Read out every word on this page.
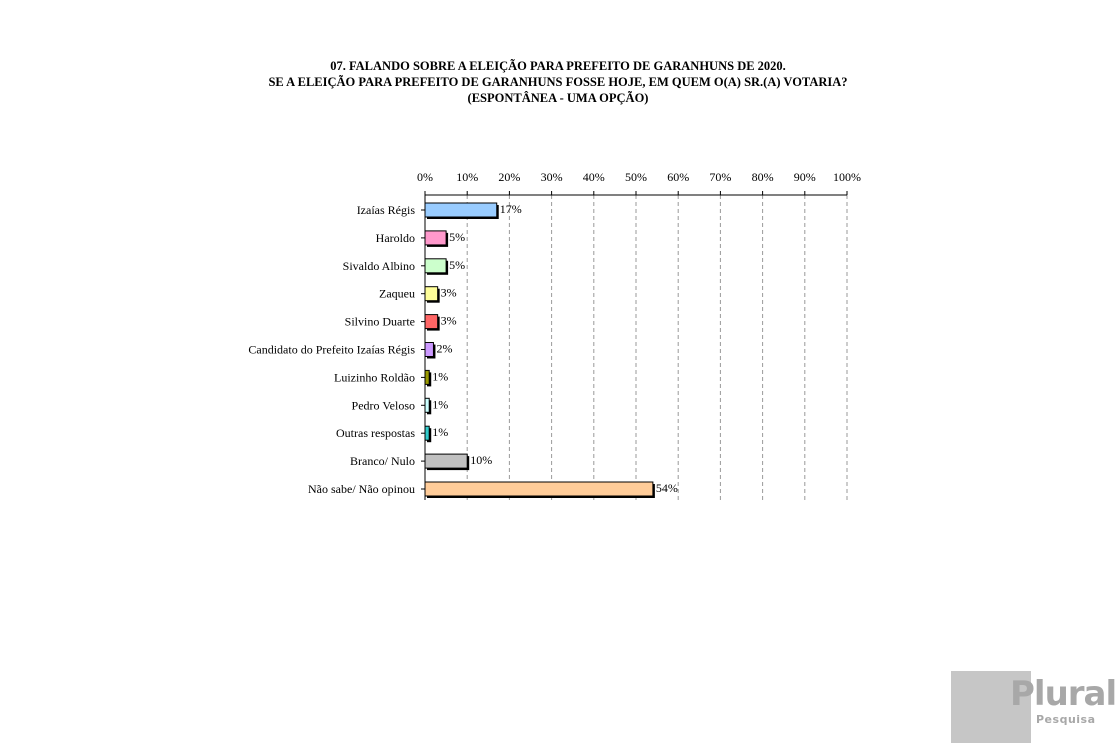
07. FALANDO SOBRE A ELEIÇÃO PARA PREFEITO DE GARANHUNS DE 2020.
SE A ELEIÇÃO PARA PREFEITO DE GARANHUNS FOSSE HOJE, EM QUEM O(A) SR.(A) VOTARIA?
(ESPONTÂNEA - UMA OPÇÃO)
0% 10% 20% 30% 40% 50% 60% 70% 80% 90% 100%
Izaías Régis	17%
Haroldo	5%
Sivaldo Albino	5%
Zaqueu 3%
Silvino Duarte 3%
Candidato do Prefeito Izaías Régis 2%
Luizinho Roldão 1%
Pedro Veloso 1%
Outras respostas 1%
Branco/ Nulo	10%
Não sabe/ Não opinou	54%
Plural
Pesquisa
